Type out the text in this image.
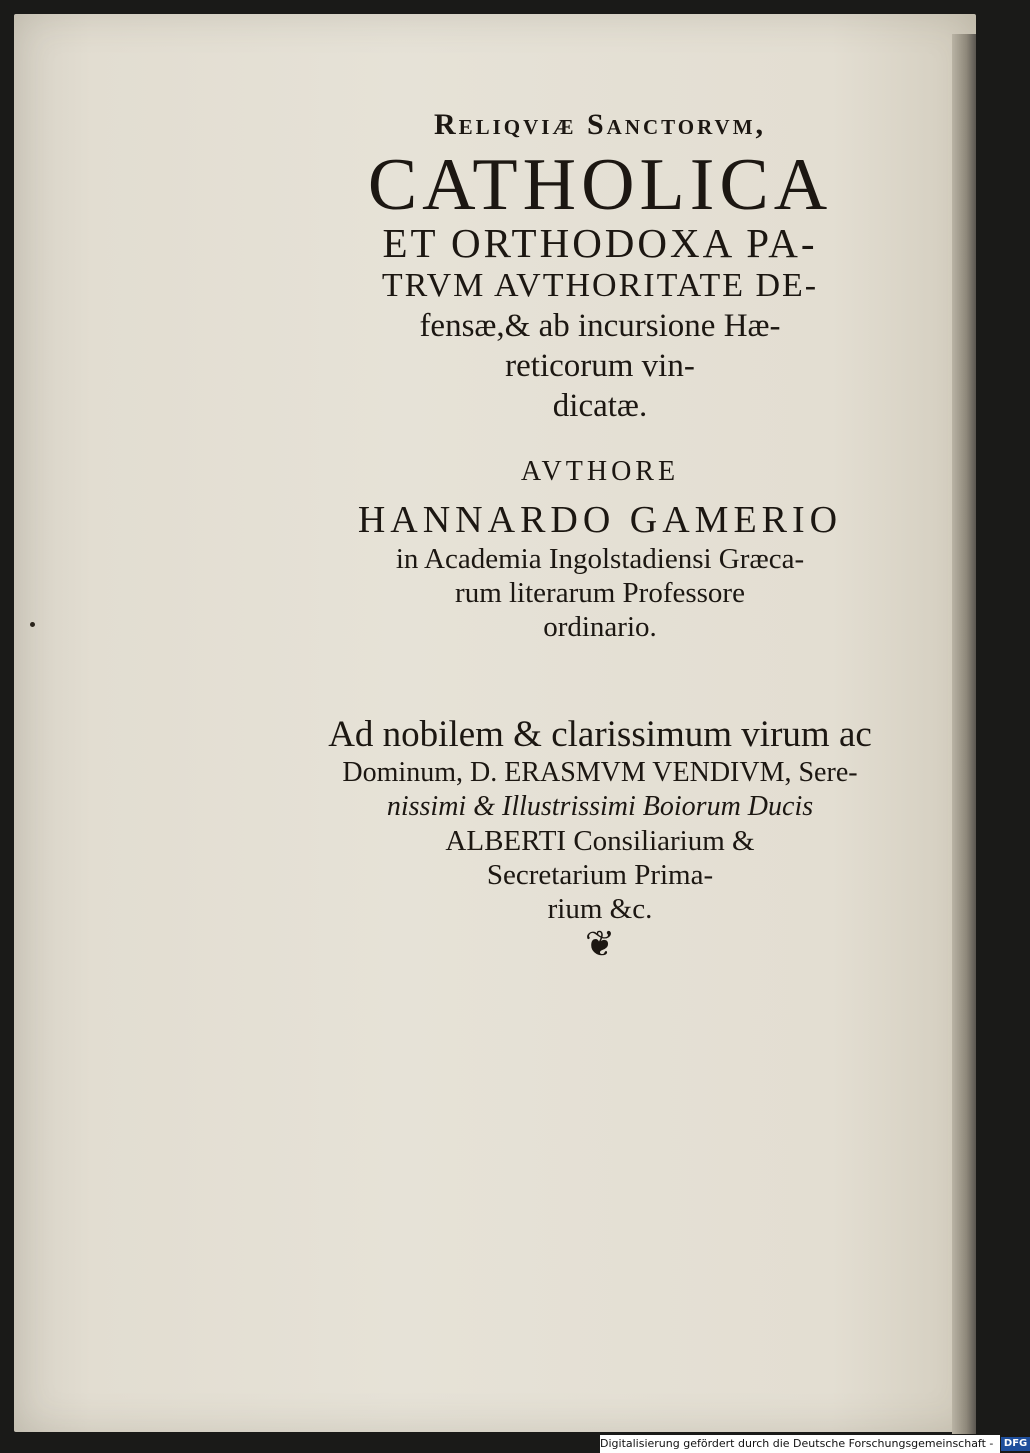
Reliqviæ Sanctorvm,
CATHOLICA
ET ORTHODOXA PA-
TRVM AVTHORITATE DE-
fensæ,& ab incursione Hæ-
reticorum vin-
dicatæ.
AVTHORE
HANNARDO GAMERIO
in Academia Ingolstadiensi Græca-
rum literarum Professore
ordinario.
Ad nobilem & clarissimum virum ac
Dominum, D. ERASMVM VENDIVM, Sere-
nissimi & Illustrissimi Boiorum Ducis
ALBERTI Consiliarium &
Secretarium Prima-
rium &c.
❦
Digitalisierung gefördert durch die Deutsche Forschungsgemeinschaft - DFG
